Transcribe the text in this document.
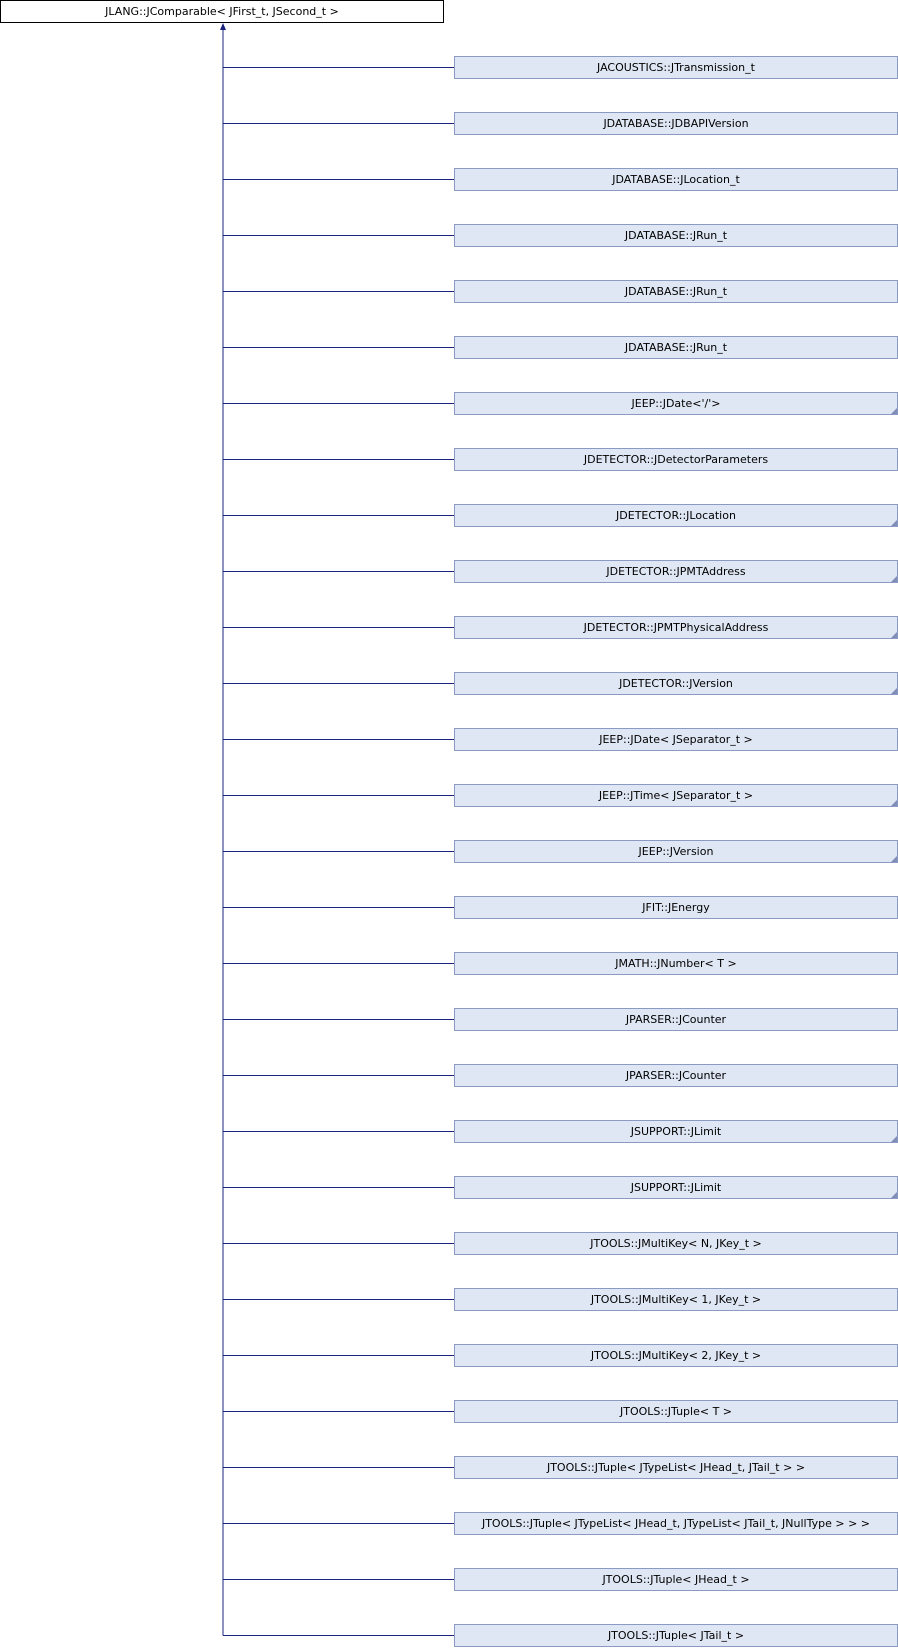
JLANG::JComparable< JFirst_t, JSecond_t >
JACOUSTICS::JTransmission_t
JDATABASE::JDBAPIVersion
JDATABASE::JLocation_t
JDATABASE::JRun_t
JDATABASE::JRun_t
JDATABASE::JRun_t
JEEP::JDate<'/'>
JDETECTOR::JDetectorParameters
JDETECTOR::JLocation
JDETECTOR::JPMTAddress
JDETECTOR::JPMTPhysicalAddress
JDETECTOR::JVersion
JEEP::JDate< JSeparator_t >
JEEP::JTime< JSeparator_t >
JEEP::JVersion
JFIT::JEnergy
JMATH::JNumber< T >
JPARSER::JCounter
JPARSER::JCounter
JSUPPORT::JLimit
JSUPPORT::JLimit
JTOOLS::JMultiKey< N, JKey_t >
JTOOLS::JMultiKey< 1, JKey_t >
JTOOLS::JMultiKey< 2, JKey_t >
JTOOLS::JTuple< T >
JTOOLS::JTuple< JTypeList< JHead_t, JTail_t > >
JTOOLS::JTuple< JTypeList< JHead_t, JTypeList< JTail_t, JNullType > > >
JTOOLS::JTuple< JHead_t >
JTOOLS::JTuple< JTail_t >
